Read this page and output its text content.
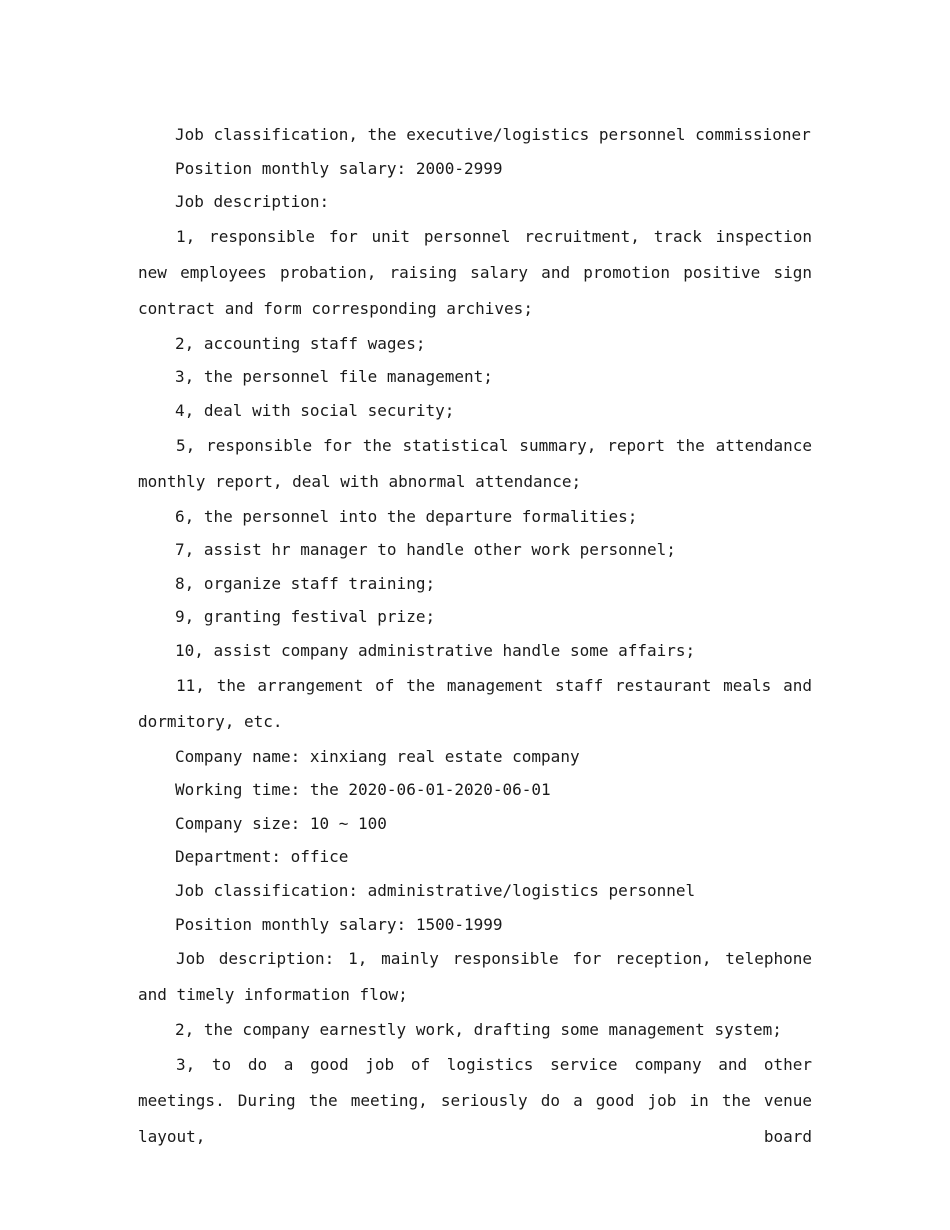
Job classification, the executive/logistics personnel commissioner

Position monthly salary: 2000-2999

Job description:

1, responsible for unit personnel recruitment, track inspection new employees probation, raising salary and promotion positive sign contract and form corresponding archives;

2, accounting staff wages;

3, the personnel file management;

4, deal with social security;

5, responsible for the statistical summary, report the attendance monthly report, deal with abnormal attendance;

6, the personnel into the departure formalities;

7, assist hr manager to handle other work personnel;

8, organize staff training;

9, granting festival prize;

10, assist company administrative handle some affairs;

11, the arrangement of the management staff restaurant meals and dormitory, etc.

Company name: xinxiang real estate company

Working time: the 2020-06-01-2020-06-01

Company size: 10 ~ 100

Department: office

Job classification: administrative/logistics personnel

Position monthly salary: 1500-1999

Job description: 1, mainly responsible for reception, telephone and timely information flow;

2, the company earnestly work, drafting some management system;

3, to do a good job of logistics service company and other meetings. During the meeting, seriously do a good job in the venue layout, board
